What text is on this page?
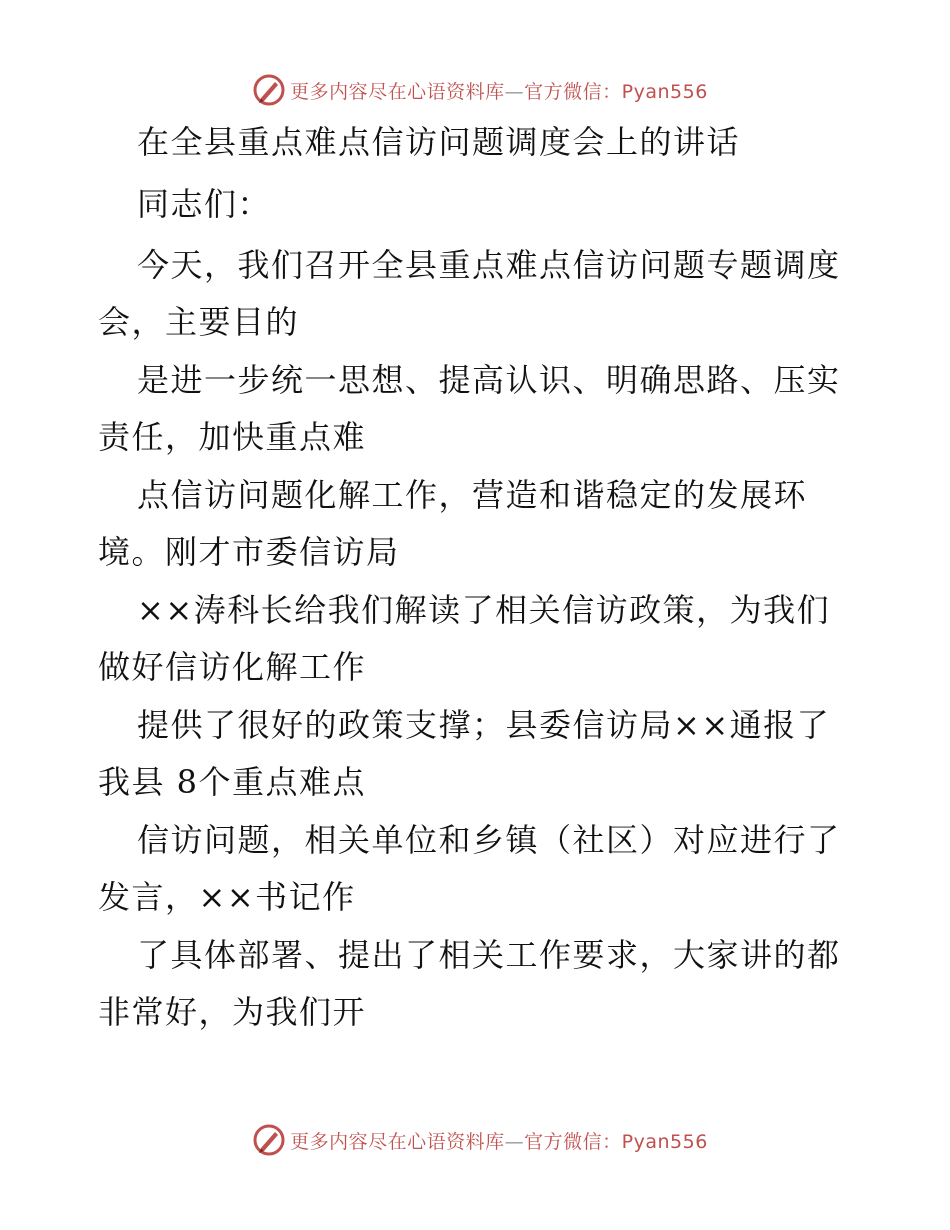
更多内容尽在心语资料库—官方微信：Pyan556
在全县重点难点信访问题调度会上的讲话
同志们：
今天，我们召开全县重点难点信访问题专题调度
会，主要目的
是进一步统一思想、提高认识、明确思路、压实
责任，加快重点难
点信访问题化解工作，营造和谐稳定的发展环
境。刚才市委信访局
××涛科长给我们解读了相关信访政策，为我们
做好信访化解工作
提供了很好的政策支撑；县委信访局××通报了
我县 8个重点难点
信访问题，相关单位和乡镇（社区）对应进行了
发言，××书记作
了具体部署、提出了相关工作要求，大家讲的都
非常好，为我们开
更多内容尽在心语资料库—官方微信：Pyan556
